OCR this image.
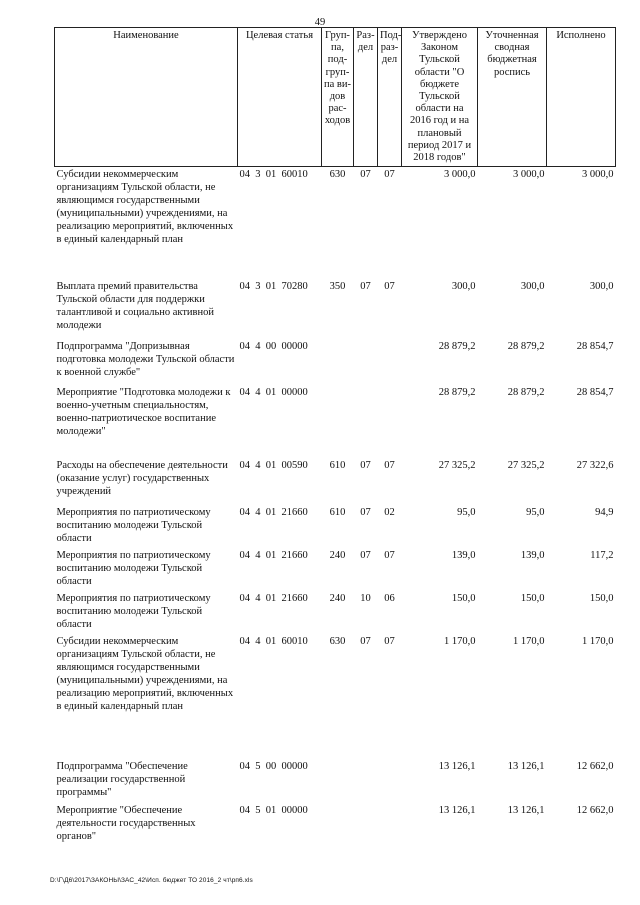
49
Наименование	Целевая статья	Груп-па, под-груп-па ви-дов рас-ходов	Раз-дел	Под-раз-дел	Утверждено Законом Тульской области "О бюджете Тульской области на 2016 год и на плановый период 2017 и 2018 годов"	Уточненная сводная бюджетная роспись	Исполнено
Субсидии некоммерческим организациям Тульской области, не являющимся государственными (муниципальными) учреждениями, на реализацию мероприятий, включенных в единый календарный план	04  3  01  60010	630	07	07	3 000,0	3 000,0	3 000,0
Выплата премий правительства Тульской области для поддержки талантливой и социально активной молодежи	04  3  01  70280	350	07	07	300,0	300,0	300,0
Подпрограмма "Допризывная подготовка молодежи Тульской области к военной службе"	04  4  00  00000				28 879,2	28 879,2	28 854,7
Мероприятие "Подготовка молодежи к военно-учетным специальностям, военно-патриотическое воспитание молодежи"	04  4  01  00000				28 879,2	28 879,2	28 854,7
Расходы на обеспечение деятельности (оказание услуг) государственных учреждений	04  4  01  00590	610	07	07	27 325,2	27 325,2	27 322,6
Мероприятия по патриотическому воспитанию молодежи Тульской области	04  4  01  21660	610	07	02	95,0	95,0	94,9
Мероприятия по патриотическому воспитанию молодежи Тульской области	04  4  01  21660	240	07	07	139,0	139,0	117,2
Мероприятия по патриотическому воспитанию молодежи Тульской области	04  4  01  21660	240	10	06	150,0	150,0	150,0
Субсидии некоммерческим организациям Тульской области, не являющимся государственными (муниципальными) учреждениями, на реализацию мероприятий, включенных в единый календарный план	04  4  01  60010	630	07	07	1 170,0	1 170,0	1 170,0
Подпрограмма "Обеспечение реализации государственной программы"	04  5  00  00000				13 126,1	13 126,1	12 662,0
Мероприятие "Обеспечение деятельности государственных органов"	04  5  01  00000				13 126,1	13 126,1	12 662,0
D:\Г\Д6\2017\ЗАКОНЫ\ЗАС_42\Исп. бюджет ТО 2016_2 чт\рп6.xls
